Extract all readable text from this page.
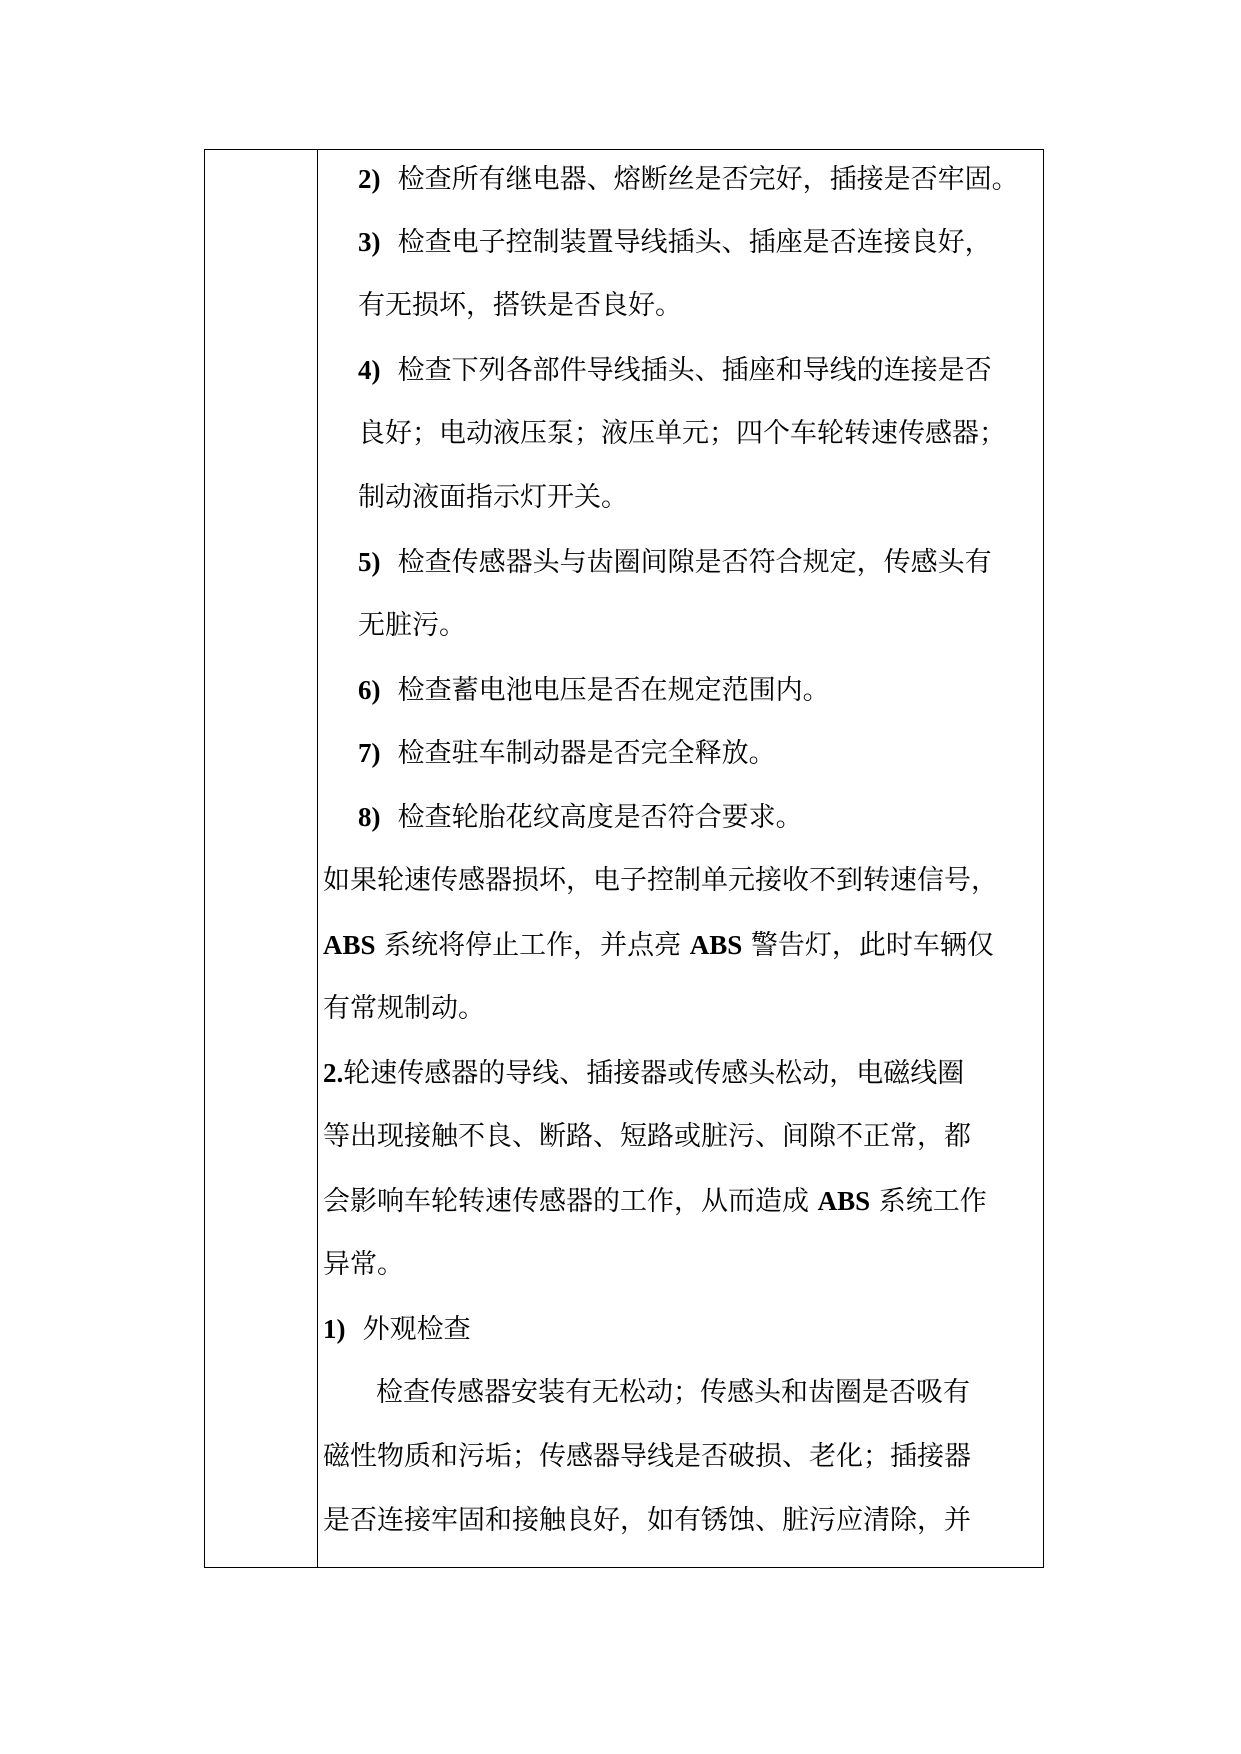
2) 检查所有继电器、熔断丝是否完好，插接是否牢固。
3) 检查电子控制装置导线插头、插座是否连接良好，
有无损坏，搭铁是否良好。
4) 检查下列各部件导线插头、插座和导线的连接是否
良好；电动液压泵；液压单元；四个车轮转速传感器；
制动液面指示灯开关。
5) 检查传感器头与齿圈间隙是否符合规定，传感头有
无脏污。
6) 检查蓄电池电压是否在规定范围内。
7) 检查驻车制动器是否完全释放。
8) 检查轮胎花纹高度是否符合要求。
如果轮速传感器损坏，电子控制单元接收不到转速信号，
ABS 系统将停止工作，并点亮 ABS 警告灯，此时车辆仅
有常规制动。
2.轮速传感器的导线、插接器或传感头松动，电磁线圈
等出现接触不良、断路、短路或脏污、间隙不正常，都
会影响车轮转速传感器的工作，从而造成 ABS 系统工作
异常。
1) 外观检查
检查传感器安装有无松动；传感头和齿圈是否吸有
磁性物质和污垢；传感器导线是否破损、老化；插接器
是否连接牢固和接触良好，如有锈蚀、脏污应清除，并
